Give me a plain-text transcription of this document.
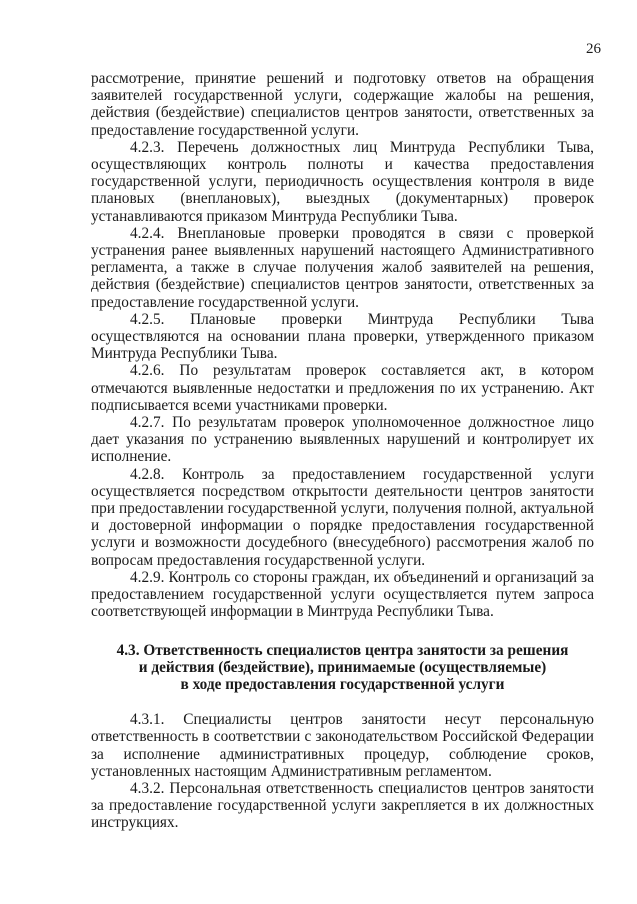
26

рассмотрение, принятие решений и подготовку ответов на обращения заявителей государственной услуги, содержащие жалобы на решения, действия (бездействие) специалистов центров занятости, ответственных за предоставление государственной услуги.

4.2.3. Перечень должностных лиц Минтруда Республики Тыва, осуществляющих контроль полноты и качества предоставления государственной услуги, периодичность осуществления контроля в виде плановых (внеплановых), выездных (документарных) проверок устанавливаются приказом Минтруда Республики Тыва.

4.2.4. Внеплановые проверки проводятся в связи с проверкой устранения ранее выявленных нарушений настоящего Административного регламента, а также в случае получения жалоб заявителей на решения, действия (бездействие) специалистов центров занятости, ответственных за предоставление государственной услуги.

4.2.5. Плановые проверки Минтруда Республики Тыва осуществляются на основании плана проверки, утвержденного приказом Минтруда Республики Тыва.

4.2.6. По результатам проверок составляется акт, в котором отмечаются выявленные недостатки и предложения по их устранению. Акт подписывается всеми участниками проверки.

4.2.7. По результатам проверок уполномоченное должностное лицо дает указания по устранению выявленных нарушений и контролирует их исполнение.

4.2.8. Контроль за предоставлением государственной услуги осуществляется посредством открытости деятельности центров занятости при предоставлении государственной услуги, получения полной, актуальной и достоверной информации о порядке предоставления государственной услуги и возможности досудебного (внесудебного) рассмотрения жалоб по вопросам предоставления государственной услуги.

4.2.9. Контроль со стороны граждан, их объединений и организаций за предоставлением государственной услуги осуществляется путем запроса соответствующей информации в Минтруда Республики Тыва.

4.3. Ответственность специалистов центра занятости за решения
и действия (бездействие), принимаемые (осуществляемые)
в ходе предоставления государственной услуги

4.3.1. Специалисты центров занятости несут персональную ответственность в соответствии с законодательством Российской Федерации за исполнение административных процедур, соблюдение сроков, установленных настоящим Административным регламентом.

4.3.2. Персональная ответственность специалистов центров занятости за предоставление государственной услуги закрепляется в их должностных инструкциях.
